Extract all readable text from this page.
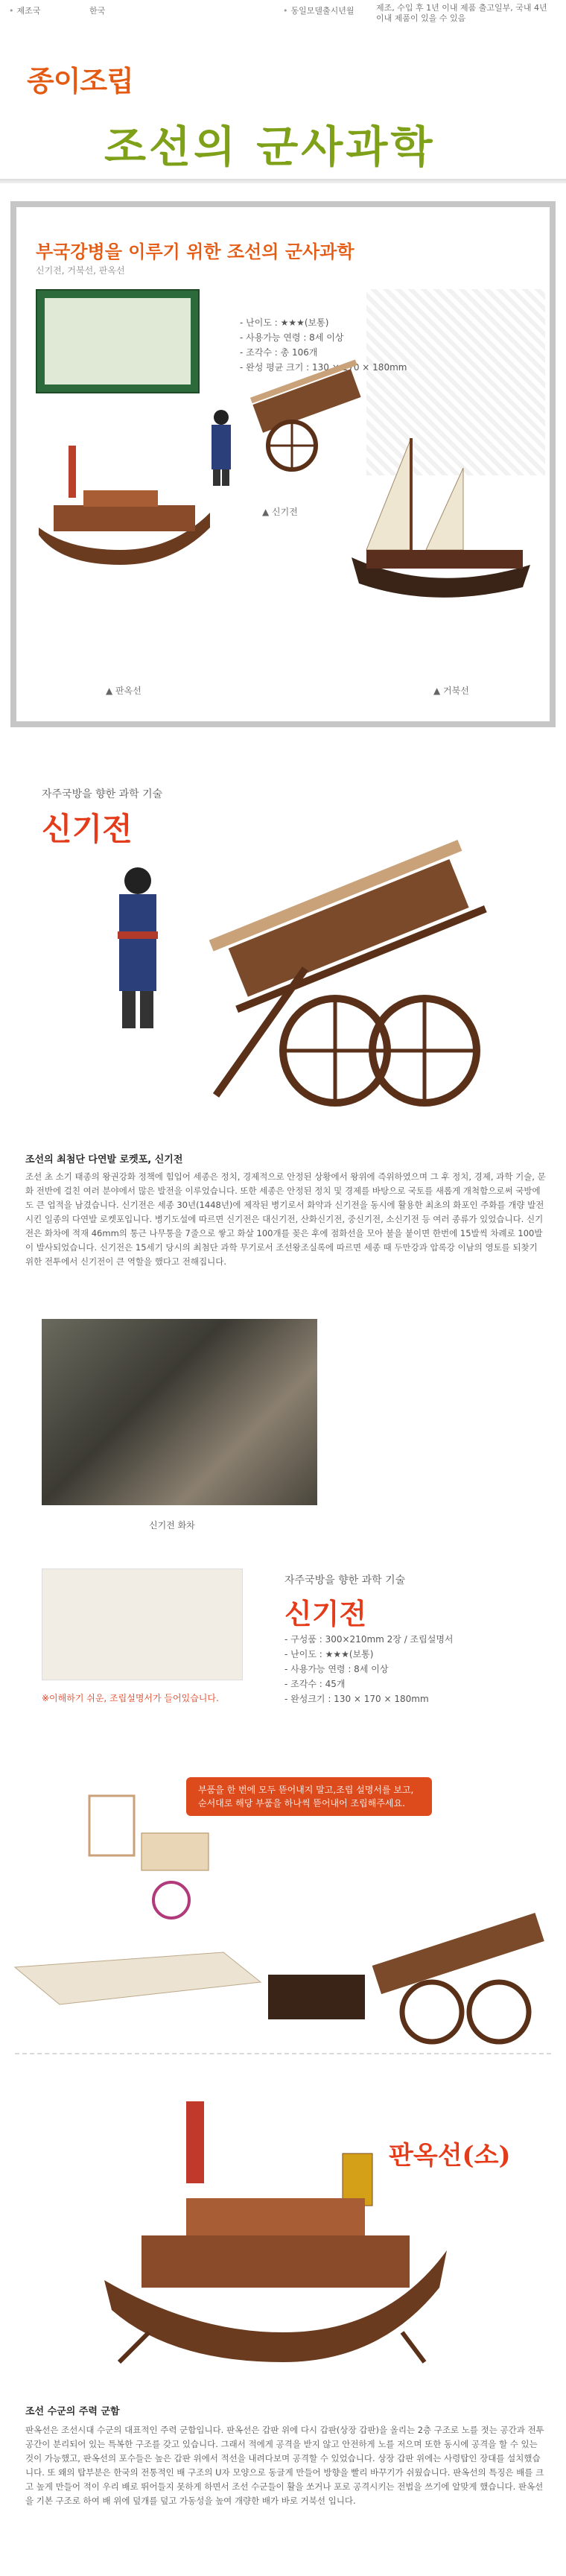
• 제조국	한국	• 동일모델출시년월	제조, 수입 후 1년 이내 제품 출고일부, 국내 4년 이내 제품이 있을 수 있음
종이조립
조선의 군사과학
부국강병을 이루기 위한 조선의 군사과학
신기전, 거북선, 판옥선
- 난이도 : ★★★(보통)
- 사용가능 연령 : 8세 이상
- 조각수 : 총 106개
- 완성 평균 크기 : 130 × 170 × 180mm
▲ 신기전
▲ 판옥선	▲ 거북선
자주국방을 향한 과학 기술
신기전
조선의 최첨단 다연발 로켓포, 신기전
조선 초 소기 태종의 왕권강화 정책에 힘입어 세종은 정치, 경제적으로 안정된 상황에서 왕위에 즉위하였으며 그 후 정치, 경제, 과학 기술, 문화 전반에 걸친 여러 분야에서 많은 발전을 이루었습니다. 또한 세종은 안정된 정치 및 경제를 바탕으로 국토를 새롭게 개척함으로써 국방에도 큰 업적을 남겼습니다. 신기전은 세종 30년(1448년)에 제작된 병기로서 화약과 신기전을 동시에 활용한 최초의 화포인 주화를 개량 발전시킨 일종의 다연발 로켓포입니다. 병기도설에 따르면 신기전은 대신기전, 산화신기전, 중신기전, 소신기전 등 여러 종류가 있었습니다. 신기전은 화차에 적재 46mm의 통근 나무통을 7줄으로 쌓고 화살 100개를 꽂은 후에 점화선을 모아 불을 붙이면 한번에 15발씩 차례로 100발이 발사되었습니다. 신기전은 15세기 당시의 최첨단 과학 무기로서 조선왕조실록에 따르면 세종 때 두만강과 압록강 이남의 영토를 되찾기 위한 전투에서 신기전이 큰 역할을 했다고 전해집니다.
신기전 화차
※이해하기 쉬운, 조립설명서가 들어있습니다.
자주국방을 향한 과학 기술
신기전
- 구성품 : 300×210mm 2장 / 조립설명서
- 난이도 : ★★★(보통)
- 사용가능 연령 : 8세 이상
- 조각수 : 45개
- 완성크기 : 130 × 170 × 180mm
부품을 한 번에 모두 뜯어내지 말고,조립 설명서를 보고, 순서대로 해당 부품을 하나씩 뜯어내어 조립해주세요.
판옥선(소)
조선 수군의 주력 군함
판옥선은 조선시대 수군의 대표적인 주력 군함입니다. 판옥선은 갑판 위에 다시 갑판(상장 갑판)을 올리는 2층 구조로 노를 젓는 공간과 전투 공간이 분리되어 있는 특복한 구조를 갖고 있습니다. 그래서 적에게 공격을 받지 않고 안전하게 노를 저으며 또한 동시에 공격을 할 수 있는 것이 가능했고, 판옥선의 포수들은 높은 갑판 위에서 적선을 내려다보며 공격할 수 있었습니다. 상장 갑판 위에는 사령탑인 장대를 설치했습니다. 또 왜의 탑부분은 한국의 전통적인 배 구조의 U자 모양으로 동글게 만들어 방향을 빨리 바꾸기가 쉬웠습니다. 판옥선의 특징은 배를 크고 높게 만들어 적이 우리 배로 뛰어들지 못하게 하면서 조선 수군들이 활을 쏘거나 포로 공격시키는 전법을 쓰기에 알맞게 했습니다. 판옥선을 기본 구조로 하여 배 위에 덮개를 덮고 가동성을 높여 개량한 배가 바로 거북선 입니다.
